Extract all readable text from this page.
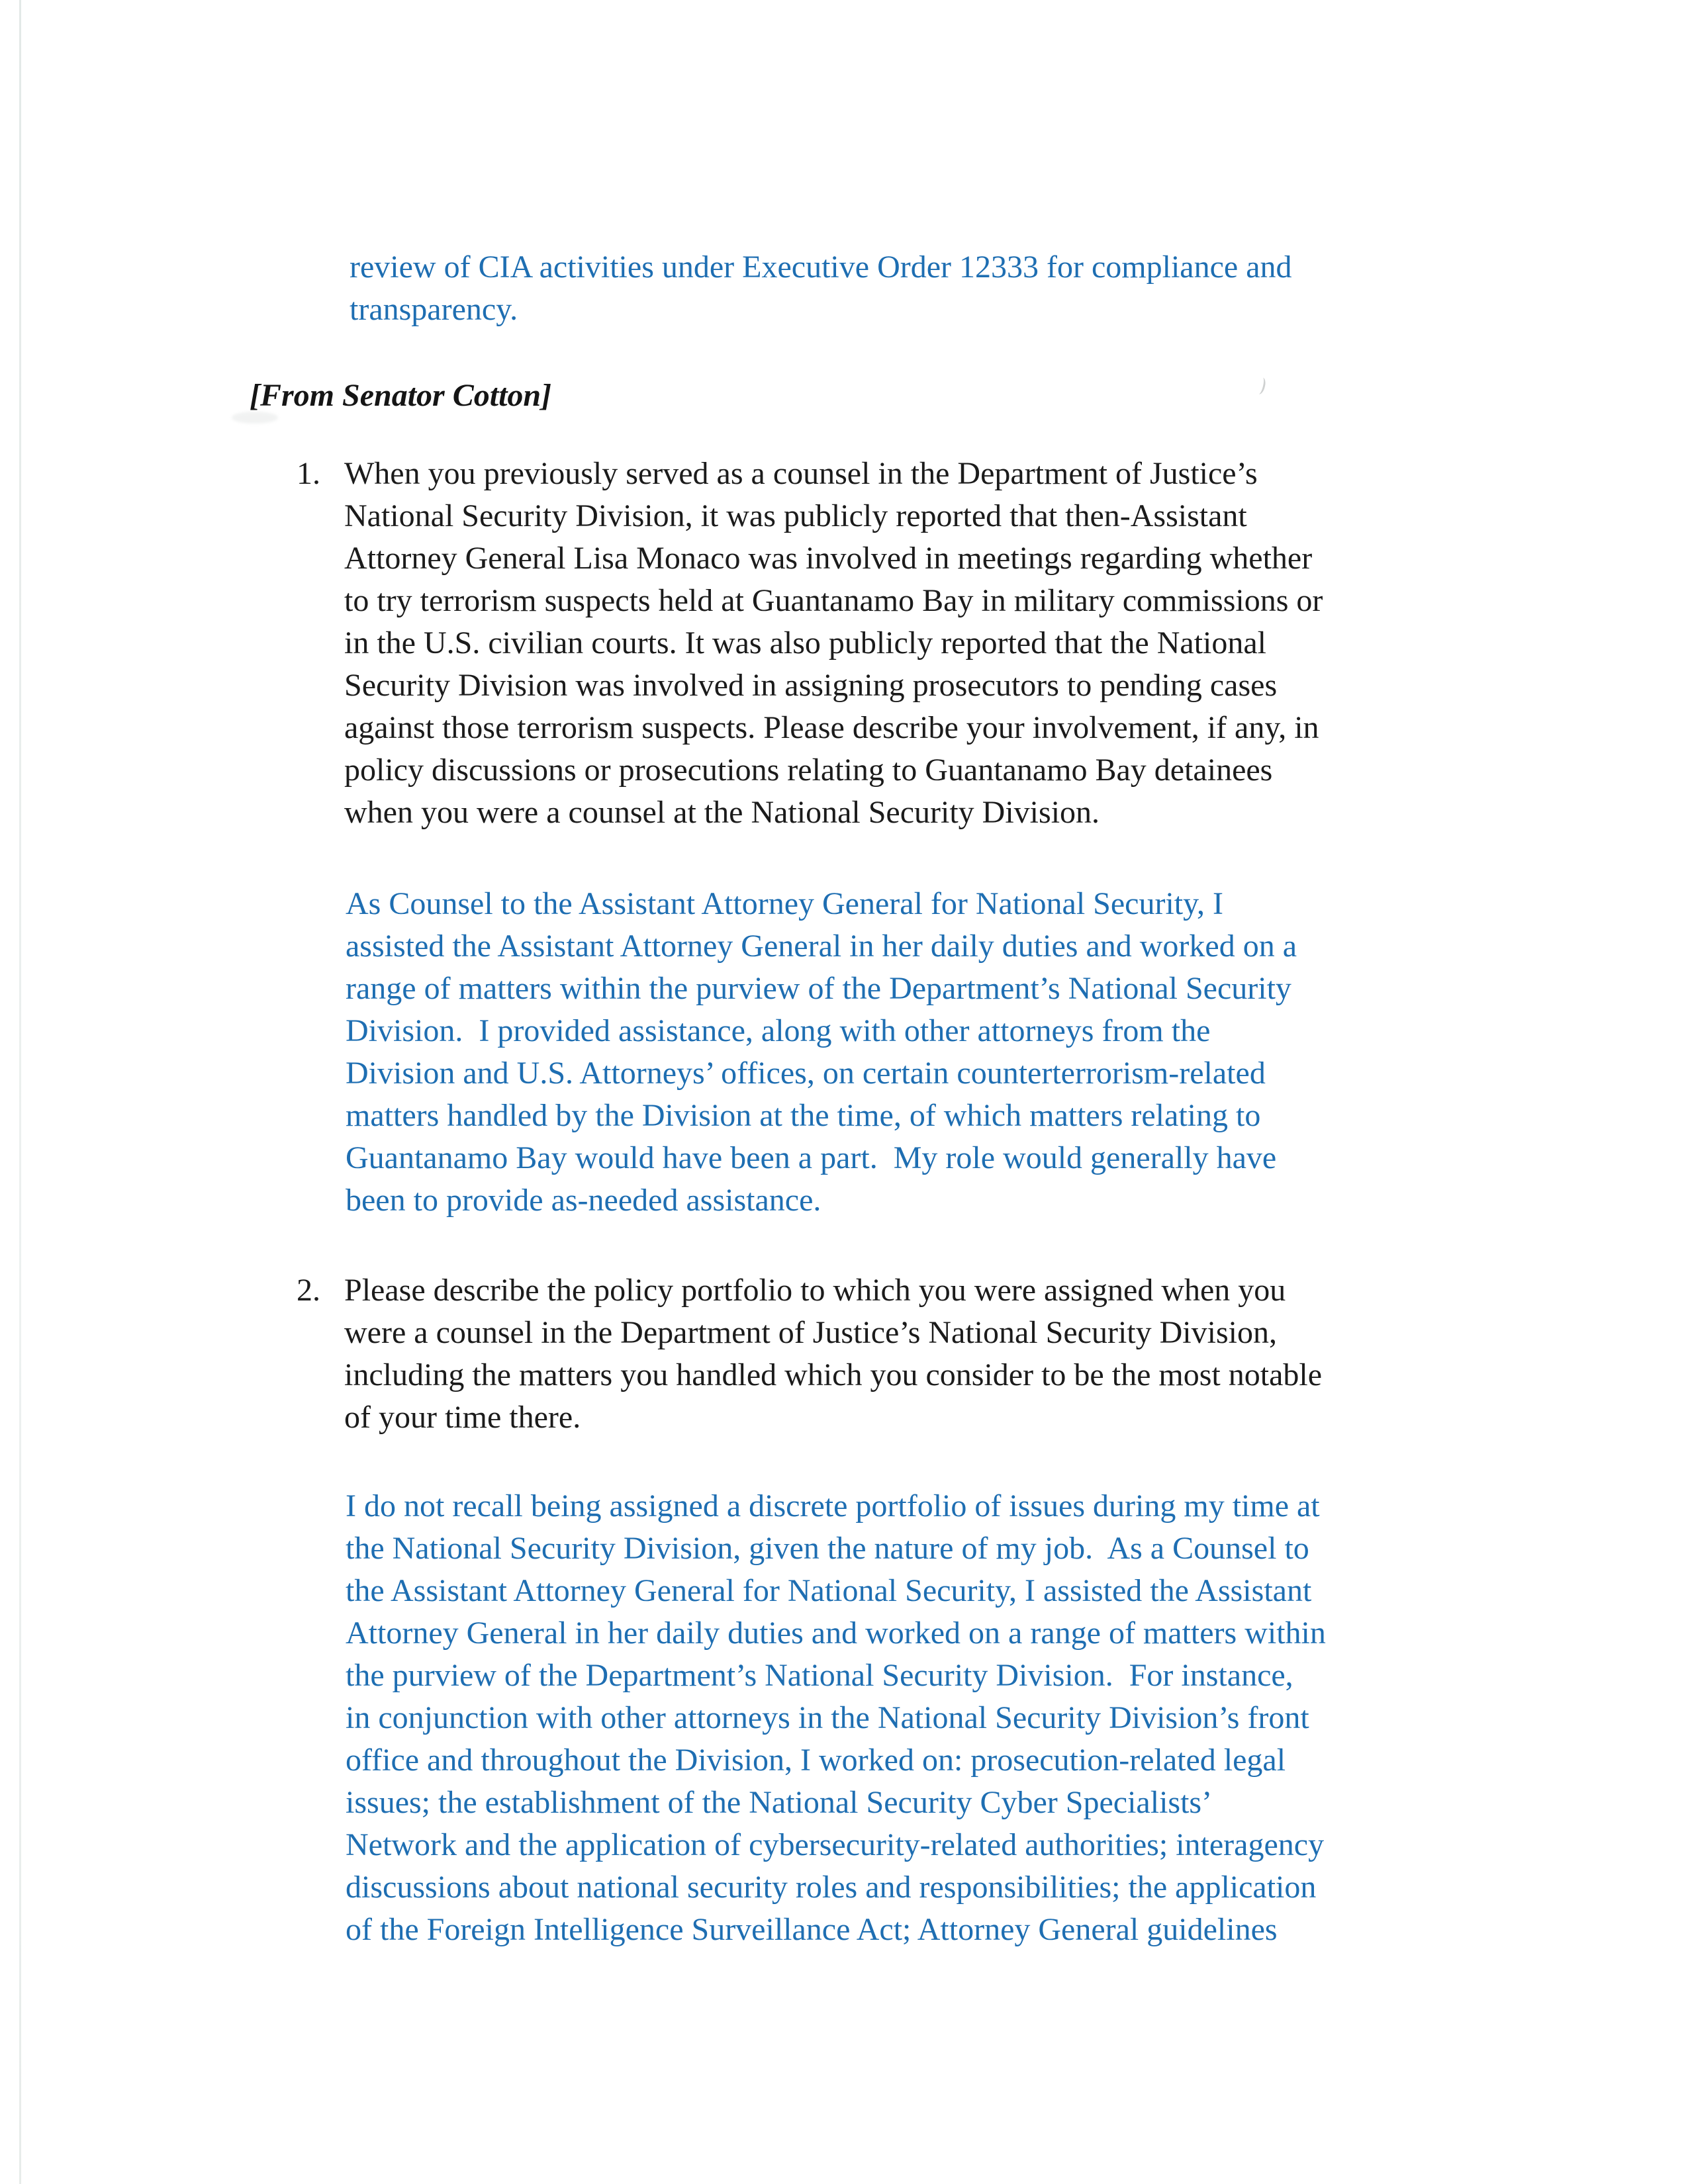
review of CIA activities under Executive Order 12333 for compliance and
transparency.
[From Senator Cotton]
1. When you previously served as a counsel in the Department of Justice’s
National Security Division, it was publicly reported that then-Assistant
Attorney General Lisa Monaco was involved in meetings regarding whether
to try terrorism suspects held at Guantanamo Bay in military commissions or
in the U.S. civilian courts. It was also publicly reported that the National
Security Division was involved in assigning prosecutors to pending cases
against those terrorism suspects. Please describe your involvement, if any, in
policy discussions or prosecutions relating to Guantanamo Bay detainees
when you were a counsel at the National Security Division.
As Counsel to the Assistant Attorney General for National Security, I
assisted the Assistant Attorney General in her daily duties and worked on a
range of matters within the purview of the Department’s National Security
Division.  I provided assistance, along with other attorneys from the
Division and U.S. Attorneys’ offices, on certain counterterrorism-related
matters handled by the Division at the time, of which matters relating to
Guantanamo Bay would have been a part.  My role would generally have
been to provide as-needed assistance.
2. Please describe the policy portfolio to which you were assigned when you
were a counsel in the Department of Justice’s National Security Division,
including the matters you handled which you consider to be the most notable
of your time there.
I do not recall being assigned a discrete portfolio of issues during my time at
the National Security Division, given the nature of my job.  As a Counsel to
the Assistant Attorney General for National Security, I assisted the Assistant
Attorney General in her daily duties and worked on a range of matters within
the purview of the Department’s National Security Division.  For instance,
in conjunction with other attorneys in the National Security Division’s front
office and throughout the Division, I worked on: prosecution-related legal
issues; the establishment of the National Security Cyber Specialists’
Network and the application of cybersecurity-related authorities; interagency
discussions about national security roles and responsibilities; the application
of the Foreign Intelligence Surveillance Act; Attorney General guidelines
